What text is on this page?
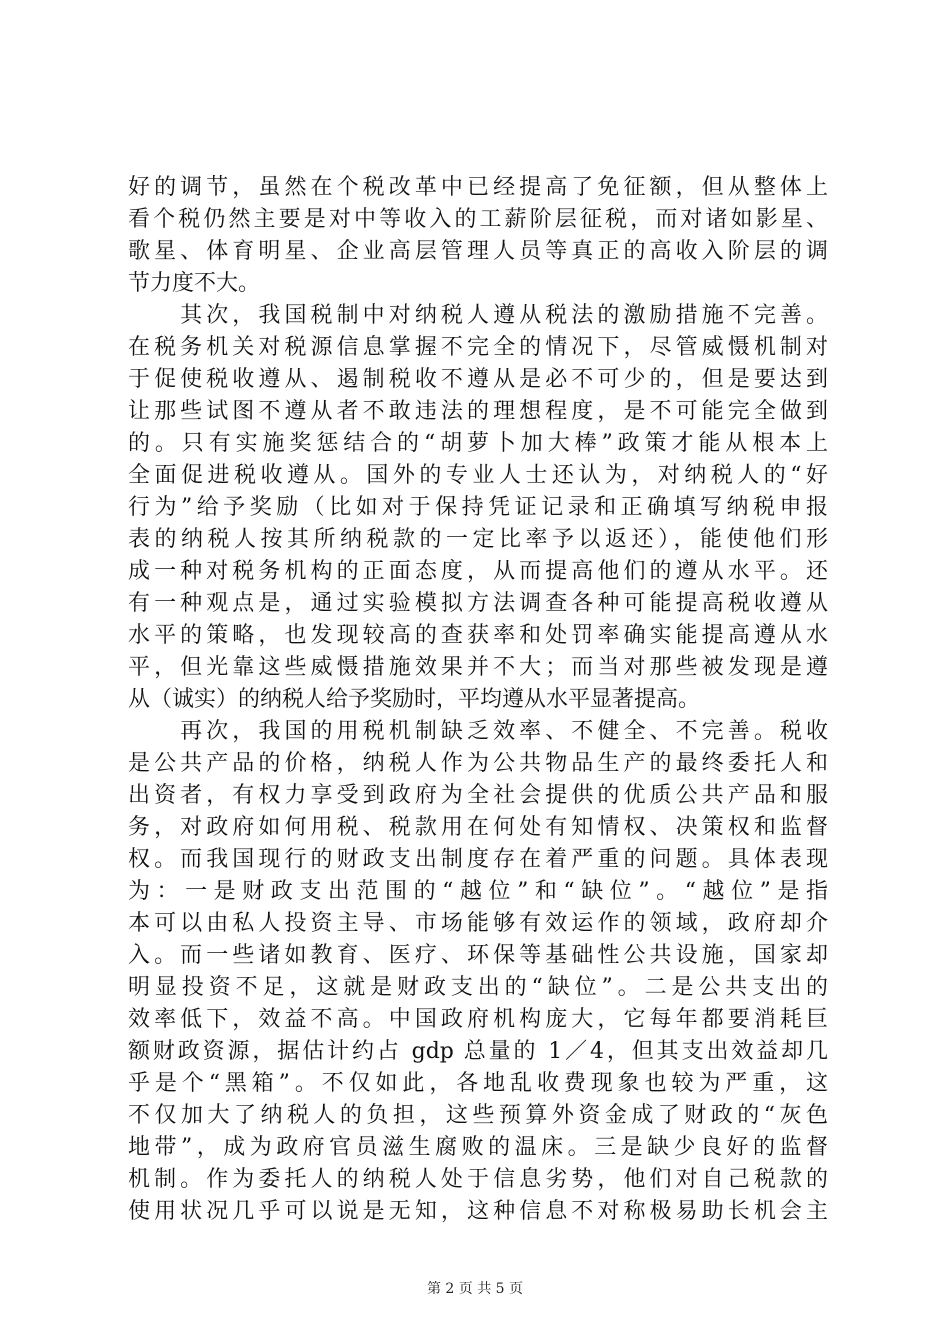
好的调节，虽然在个税改革中已经提高了免征额，但从整体上
看个税仍然主要是对中等收入的工薪阶层征税，而对诸如影星、
歌星、体育明星、企业高层管理人员等真正的高收入阶层的调
节力度不大。
　　其次，我国税制中对纳税人遵从税法的激励措施不完善。
在税务机关对税源信息掌握不完全的情况下，尽管威慑机制对
于促使税收遵从、遏制税收不遵从是必不可少的，但是要达到
让那些试图不遵从者不敢违法的理想程度，是不可能完全做到
的。只有实施奖惩结合的“胡萝卜加大棒”政策才能从根本上
全面促进税收遵从。国外的专业人士还认为，对纳税人的“好
行为”给予奖励（比如对于保持凭证记录和正确填写纳税申报
表的纳税人按其所纳税款的一定比率予以返还），能使他们形
成一种对税务机构的正面态度，从而提高他们的遵从水平。还
有一种观点是，通过实验模拟方法调查各种可能提高税收遵从
水平的策略，也发现较高的查获率和处罚率确实能提高遵从水
平，但光靠这些威慑措施效果并不大；而当对那些被发现是遵
从（诚实）的纳税人给予奖励时，平均遵从水平显著提高。
　　再次，我国的用税机制缺乏效率、不健全、不完善。税收
是公共产品的价格，纳税人作为公共物品生产的最终委托人和
出资者，有权力享受到政府为全社会提供的优质公共产品和服
务，对政府如何用税、税款用在何处有知情权、决策权和监督
权。而我国现行的财政支出制度存在着严重的问题。具体表现
为：一是财政支出范围的“越位”和“缺位”。“越位”是指
本可以由私人投资主导、市场能够有效运作的领域，政府却介
入。而一些诸如教育、医疗、环保等基础性公共设施，国家却
明显投资不足，这就是财政支出的“缺位”。二是公共支出的
效率低下，效益不高。中国政府机构庞大，它每年都要消耗巨
额财政资源，据估计约占 gdp 总量的 1／4，但其支出效益却几
乎是个“黑箱”。不仅如此，各地乱收费现象也较为严重，这
不仅加大了纳税人的负担，这些预算外资金成了财政的“灰色
地带”，成为政府官员滋生腐败的温床。三是缺少良好的监督
机制。作为委托人的纳税人处于信息劣势，他们对自己税款的
使用状况几乎可以说是无知，这种信息不对称极易助长机会主
第 2 页 共 5 页
